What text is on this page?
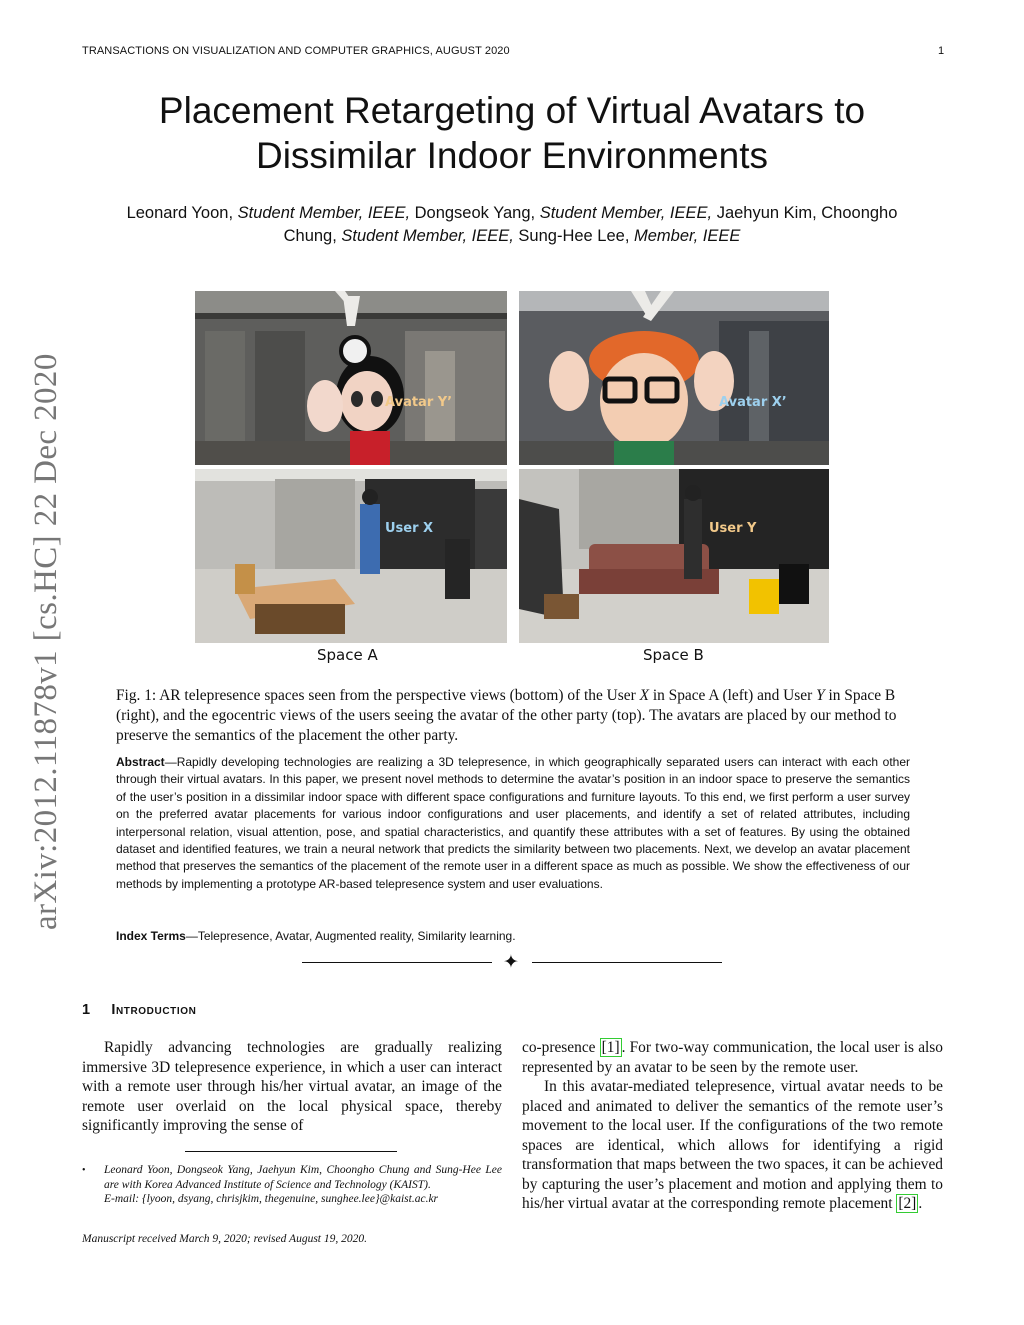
TRANSACTIONS ON VISUALIZATION AND COMPUTER GRAPHICS, AUGUST 2020	1
Placement Retargeting of Virtual Avatars to
Dissimilar Indoor Environments
Leonard Yoon, Student Member, IEEE, Dongseok Yang, Student Member, IEEE, Jaehyun Kim, Choongho
Chung, Student Member, IEEE, Sung-Hee Lee, Member, IEEE
arXiv:2012.11878v1 [cs.HC] 22 Dec 2020	Avatar Y’	Avatar X’
User X	User Y
Space A	Space B
Fig. 1: AR telepresence spaces seen from the perspective views (bottom) of the User X in Space A (left) and User Y in Space B (right), and the egocentric views of the users seeing the avatar of the other party (top). The avatars are placed by our method to preserve the semantics of the placement the other party.
Abstract—Rapidly developing technologies are realizing a 3D telepresence, in which geographically separated users can interact with each other through their virtual avatars. In this paper, we present novel methods to determine the avatar’s position in an indoor space to preserve the semantics of the user’s position in a dissimilar indoor space with different space configurations and furniture layouts. To this end, we first perform a user survey on the preferred avatar placements for various indoor configurations and user placements, and identify a set of related attributes, including interpersonal relation, visual attention, pose, and spatial characteristics, and quantify these attributes with a set of features. By using the obtained dataset and identified features, we train a neural network that predicts the similarity between two placements. Next, we develop an avatar placement method that preserves the semantics of the placement of the remote user in a different space as much as possible. We show the effectiveness of our methods by implementing a prototype AR-based telepresence system and user evaluations.
Index Terms—Telepresence, Avatar, Augmented reality, Similarity learning.
✦
1 Introduction
Rapidly advancing technologies are gradually realizing immersive 3D telepresence experience, in which a user can interact with a remote user through his/her virtual avatar, an image of the remote user overlaid on the local physical space, thereby significantly improving the sense of
• Leonard Yoon, Dongseok Yang, Jaehyun Kim, Choongho Chung and Sung-Hee Lee are with Korea Advanced Institute of Science and Technology (KAIST).
E-mail: {lyoon, dsyang, chrisjkim, thegenuine, sunghee.lee}@kaist.ac.kr
Manuscript received March 9, 2020; revised August 19, 2020.
co-presence [1] . For two-way communication, the local user is also represented by an avatar to be seen by the remote user.
In this avatar-mediated telepresence, virtual avatar needs to be placed and animated to deliver the semantics of the remote user’s movement to the local user. If the configurations of the two remote spaces are identical, which allows for identifying a rigid transformation that maps between the two spaces, it can be achieved by capturing the user’s placement and motion and applying them to his/her virtual avatar at the corresponding remote placement [2] .
